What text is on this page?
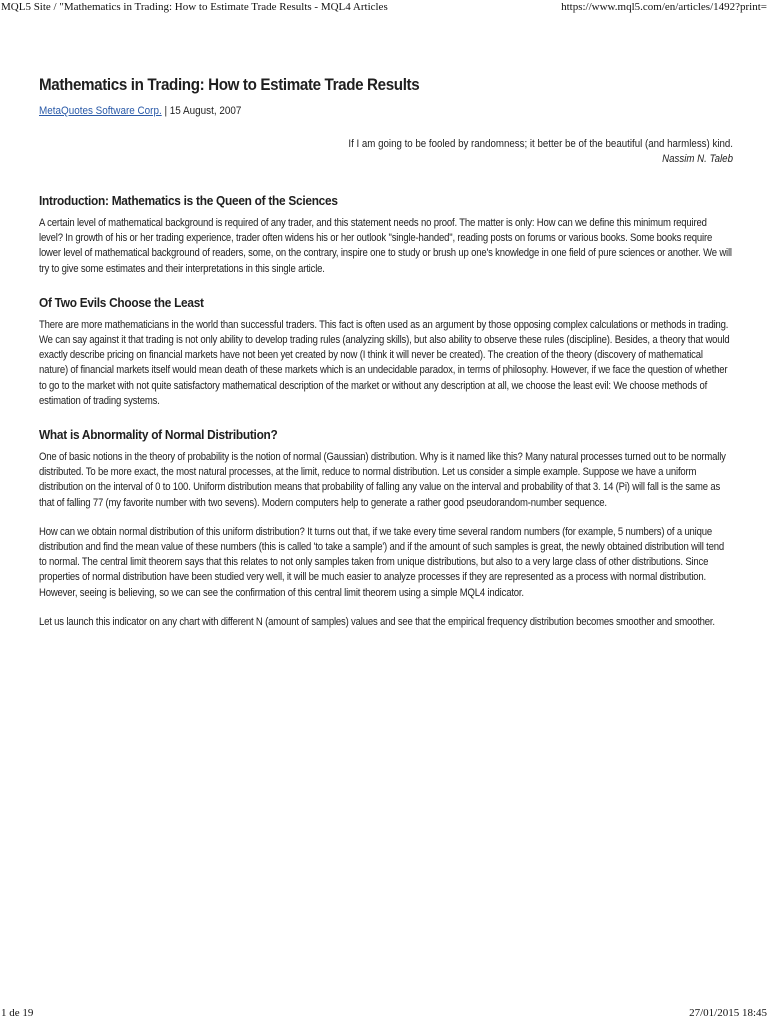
MQL5 Site / "Mathematics in Trading: How to Estimate Trade Results - MQL4 Articles	https://www.mql5.com/en/articles/1492?print=
Mathematics in Trading: How to Estimate Trade Results
MetaQuotes Software Corp. | 15 August, 2007
If I am going to be fooled by randomness; it better be of the beautiful (and harmless) kind.
Nassim N. Taleb
Introduction: Mathematics is the Queen of the Sciences

A certain level of mathematical background is required of any trader, and this statement needs no proof. The matter is only: How can we define this minimum required level? In growth of his or her trading experience, trader often widens his or her outlook "single-handed", reading posts on forums or various books. Some books require lower level of mathematical background of readers, some, on the contrary, inspire one to study or brush up one's knowledge in one field of pure sciences or another. We will try to give some estimates and their interpretations in this single article.

Of Two Evils Choose the Least

There are more mathematicians in the world than successful traders. This fact is often used as an argument by those opposing complex calculations or methods in trading. We can say against it that trading is not only ability to develop trading rules (analyzing skills), but also ability to observe these rules (discipline). Besides, a theory that would exactly describe pricing on financial markets have not been yet created by now (I think it will never be created). The creation of the theory (discovery of mathematical nature) of financial markets itself would mean death of these markets which is an undecidable paradox, in terms of philosophy. However, if we face the question of whether to go to the market with not quite satisfactory mathematical description of the market or without any description at all, we choose the least evil: We choose methods of estimation of trading systems.

What is Abnormality of Normal Distribution?

One of basic notions in the theory of probability is the notion of normal (Gaussian) distribution. Why is it named like this? Many natural processes turned out to be normally distributed. To be more exact, the most natural processes, at the limit, reduce to normal distribution. Let us consider a simple example. Suppose we have a uniform distribution on the interval of 0 to 100. Uniform distribution means that probability of falling any value on the interval and probability of that 3. 14 (Pi) will fall is the same as that of falling 77 (my favorite number with two sevens). Modern computers help to generate a rather good pseudorandom-number sequence.

How can we obtain normal distribution of this uniform distribution? It turns out that, if we take every time several random numbers (for example, 5 numbers) of a unique distribution and find the mean value of these numbers (this is called 'to take a sample') and if the amount of such samples is great, the newly obtained distribution will tend to normal. The central limit theorem says that this relates to not only samples taken from unique distributions, but also to a very large class of other distributions. Since properties of normal distribution have been studied very well, it will be much easier to analyze processes if they are represented as a process with normal distribution. However, seeing is believing, so we can see the confirmation of this central limit theorem using a simple MQL4 indicator.

Let us launch this indicator on any chart with different N (amount of samples) values and see that the empirical frequency distribution becomes smoother and smoother.

1 de 19	27/01/2015 18:45
